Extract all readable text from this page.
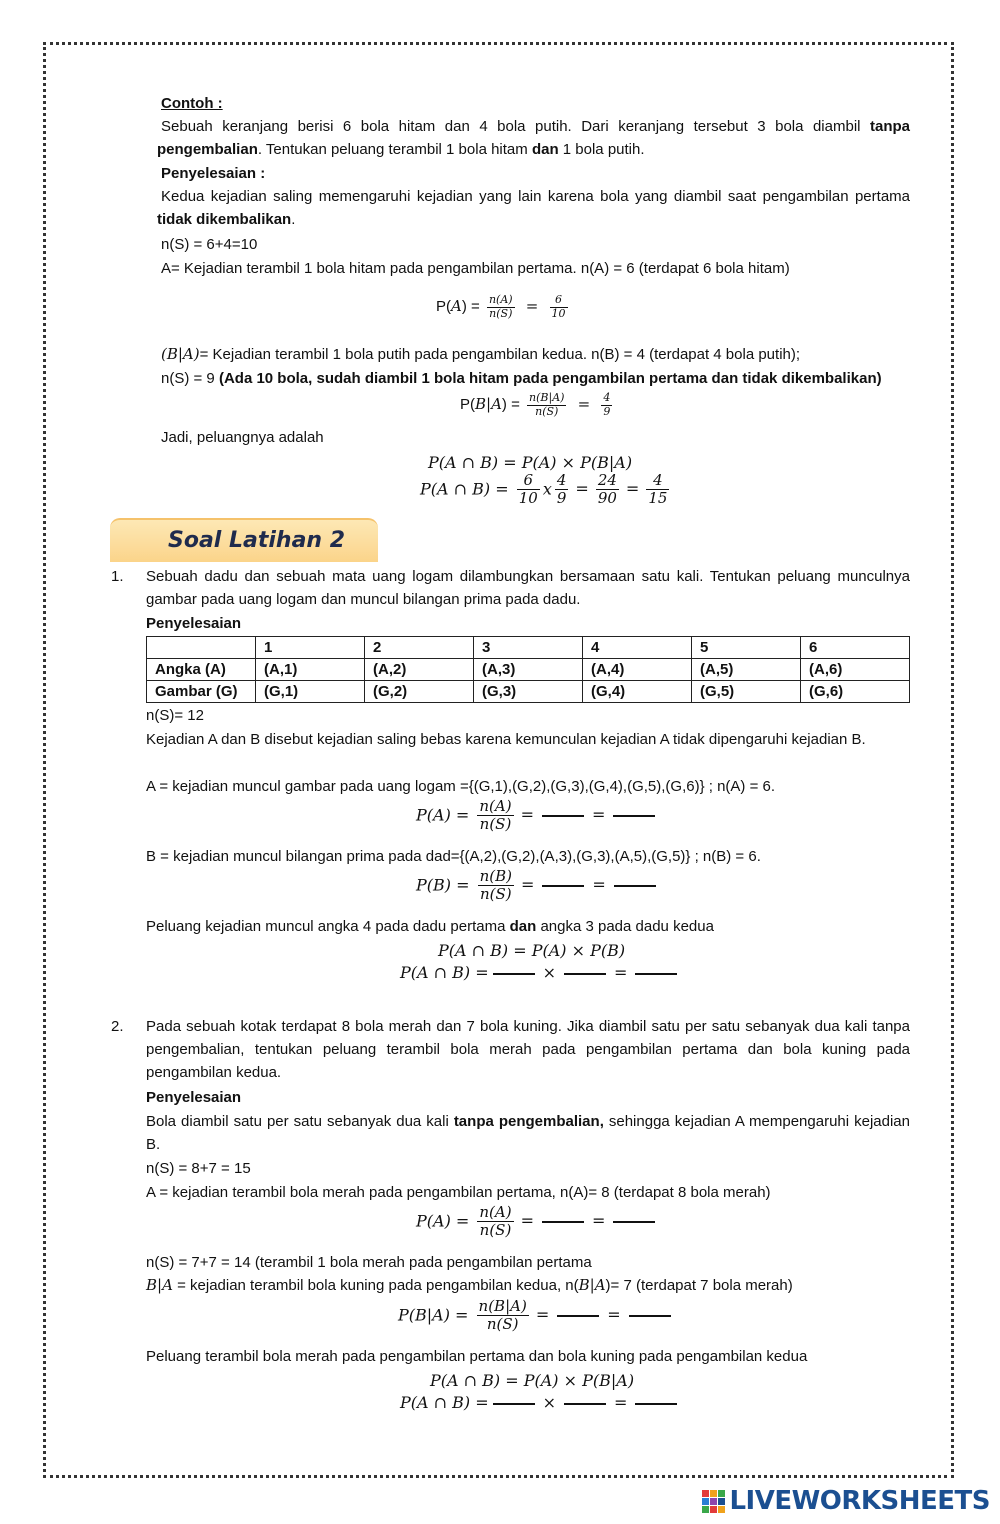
Contoh :
Sebuah keranjang berisi 6 bola hitam dan 4 bola putih. Dari keranjang tersebut 3 bola diambil tanpa pengembalian. Tentukan peluang terambil 1 bola hitam dan 1 bola putih.
Penyelesaian :
Kedua kejadian saling memengaruhi kejadian yang lain karena bola yang diambil saat pengambilan pertama tidak dikembalikan.
n(S) = 6+4=10
A= Kejadian terambil 1 bola hitam pada pengambilan pertama. n(A) = 6 (terdapat 6 bola hitam)
$P(A) = \frac{n(A)}{n(S)} = \frac{6}{10}$
(B|A)= Kejadian terambil 1 bola putih pada pengambilan kedua. n(B) = 4 (terdapat 4 bola putih);
n(S) = 9 (Ada 10 bola, sudah diambil 1 bola hitam pada pengambilan pertama dan tidak dikembalikan)
$P(B|A) = \frac{n(B|A)}{n(S)} = \frac{4}{9}$
Jadi, peluangnya adalah
P(A ∩ B) = P(A) × P(B|A)
P(A ∩ $B) = \frac{6}{10}$ x $\frac{4}{9} = \frac{24}{90} = \frac{4}{15}$
Soal Latihan 2
1. Sebuah dadu dan sebuah mata uang logam dilambungkan bersamaan satu kali. Tentukan peluang munculnya gambar pada uang logam dan muncul bilangan prima pada dadu.
Penyelesaian
	1	2	3	4	5	6
Angka (A)	(A,1)	(A,2)	(A,3)	(A,4)	(A,5)	(A,6)
Gambar (G)	(G,1)	(G,2)	(G,3)	(G,4)	(G,5)	(G,6)
n(S)= 12
Kejadian A dan B disebut kejadian saling bebas karena kemunculan kejadian A tidak dipengaruhi kejadian B.
A = kejadian muncul gambar pada uang logam ={(G,1),(G,2),(G,3),(G,4),(G,5),(G,6)} ; n(A) = 6.
$P(A) = \frac{n(A)}{n(S)}$ =	=
B = kejadian muncul bilangan prima pada dad={(A,2),(G,2),(A,3),(G,3),(A,5),(G,5)} ; n(B) = 6.
$P(B) = \frac{n(B)}{n(S)}$ =	=
Peluang kejadian muncul angka 4 pada dadu pertama dan angka 3 pada dadu kedua
P(A ∩ B) = P(A) × P(B)
P(A ∩ B) =	×	=
2. Pada sebuah kotak terdapat 8 bola merah dan 7 bola kuning. Jika diambil satu per satu sebanyak dua kali tanpa pengembalian, tentukan peluang terambil bola merah pada pengambilan pertama dan bola kuning pada pengambilan kedua.
Penyelesaian
Bola diambil satu per satu sebanyak dua kali tanpa pengembalian, sehingga kejadian A mempengaruhi kejadian B.
n(S) = 8+7 = 15
A = kejadian terambil bola merah pada pengambilan pertama, n(A)= 8 (terdapat 8 bola merah)
$P(A) = \frac{n(A)}{n(S)}$ =	=
n(S) = 7+7 = 14 (terambil 1 bola merah pada pengambilan pertama
B|A = kejadian terambil bola kuning pada pengambilan kedua, n(B|A)= 7 (terdapat 7 bola merah)
$P(B|A) = \frac{n(B|A)}{n(S)}$ =	=
Peluang terambil bola merah pada pengambilan pertama dan bola kuning pada pengambilan kedua
P(A ∩ B) = P(A) × P(B|A)
P(A ∩ B) =	×	=
LIVEWORKSHEETS
